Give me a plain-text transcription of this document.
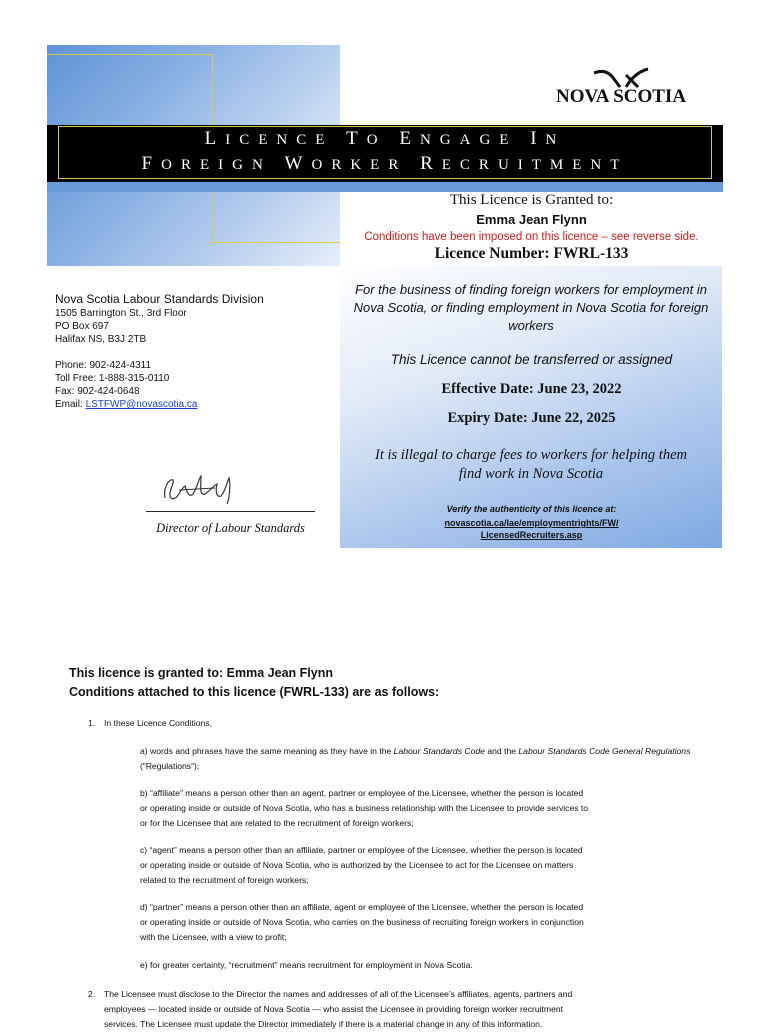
LICENCE TO ENGAGE IN
FOREIGN WORKER RECRUITMENT
NOVA SCOTIA
This Licence is Granted to:
Emma Jean Flynn
Conditions have been imposed on this licence – see reverse side.
Licence Number: FWRL-133
For the business of finding foreign workers for employment in Nova Scotia, or finding employment in Nova Scotia for foreign workers
This Licence cannot be transferred or assigned
Effective Date: June 23, 2022
Expiry Date: June 22, 2025
It is illegal to charge fees to workers for helping them find work in Nova Scotia
Verify the authenticity of this licence at:
novascotia.ca/lae/employmentrights/FW/
LicensedRecruiters.asp
Nova Scotia Labour Standards Division
1505 Barrington St., 3rd Floor
PO Box 697
Halifax NS, B3J 2TB
Phone: 902-424-4311
Toll Free: 1-888-315-0110
Fax: 902-424-0648
Email: LSTFWP@novascotia.ca
Director of Labour Standards
This licence is granted to: Emma Jean Flynn
Conditions attached to this licence (FWRL-133) are as follows:
1. In these Licence Conditions,
a) words and phrases have the same meaning as they have in the Labour Standards Code and the Labour Standards Code General Regulations
(“Regulations”);
b) “affiliate” means a person other than an agent, partner or employee of the Licensee, whether the person is located
or operating inside or outside of Nova Scotia, who has a business relationship with the Licensee to provide services to
or for the Licensee that are related to the recruitment of foreign workers;
c) “agent” means a person other than an affiliate, partner or employee of the Licensee, whether the person is located
or operating inside or outside of Nova Scotia, who is authorized by the Licensee to act for the Licensee on matters
related to the recruitment of foreign workers;
d) “partner” means a person other than an affiliate, agent or employee of the Licensee, whether the person is located
or operating inside or outside of Nova Scotia, who carries on the business of recruiting foreign workers in conjunction
with the Licensee, with a view to profit;
e) for greater certainty, “recruitment” means recruitment for employment in Nova Scotia.
2. The Licensee must disclose to the Director the names and addresses of all of the Licensee’s affiliates, agents, partners and
employees — located inside or outside of Nova Scotia — who assist the Licensee in providing foreign worker recruitment
services. The Licensee must update the Director immediately if there is a material change in any of this information.
